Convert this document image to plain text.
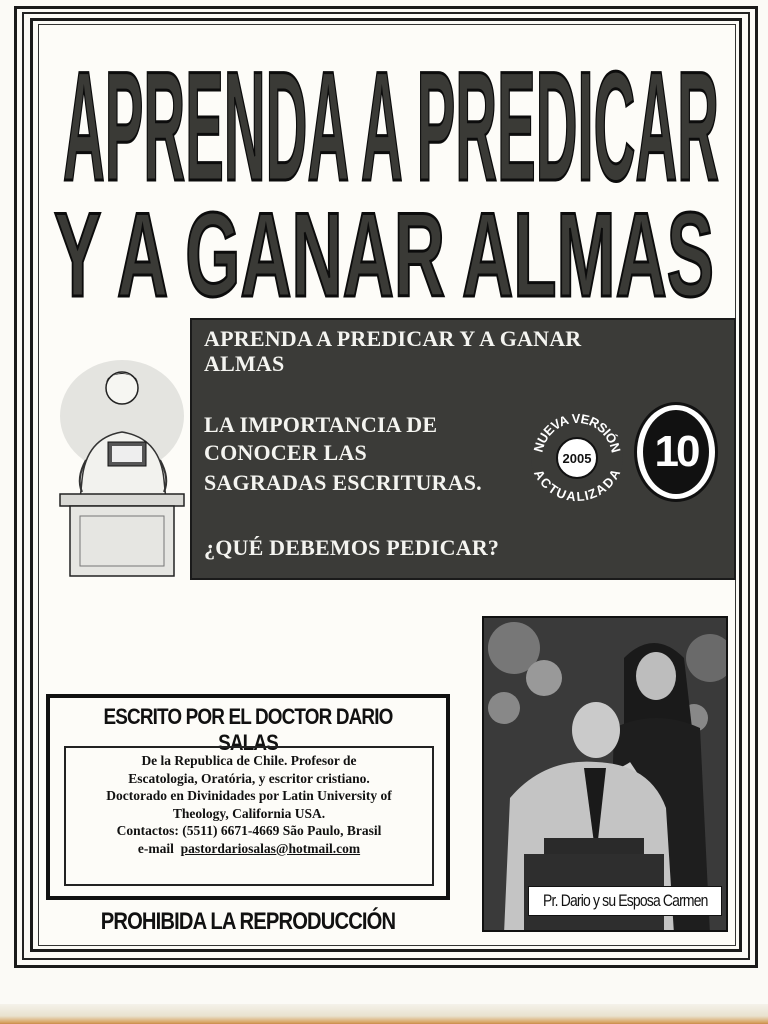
APRENDA A PREDICAR
Y A GANAR ALMAS
APRENDA A PREDICAR Y A GANAR
ALMAS
LA IMPORTANCIA DE
CONOCER LAS
SAGRADAS ESCRITURAS.
¿QUÉ DEBEMOS PEDICAR?
NUEVA VERSIÓN
2005
ACTUALIZADA 10
ESCRITO POR EL DOCTOR DARIO SALAS
De la Republica de Chile. Profesor de
Escatologia, Oratória, y escritor cristiano.
Doctorado en Divinidades por Latin University of
Theology, California USA.
Contactos: (5511) 6671-4669 São Paulo, Brasil
e-mail pastordariosalas@hotmail.com
PROHIBIDA LA REPRODUCCIÓN
Pr. Dario y su Esposa Carmen
